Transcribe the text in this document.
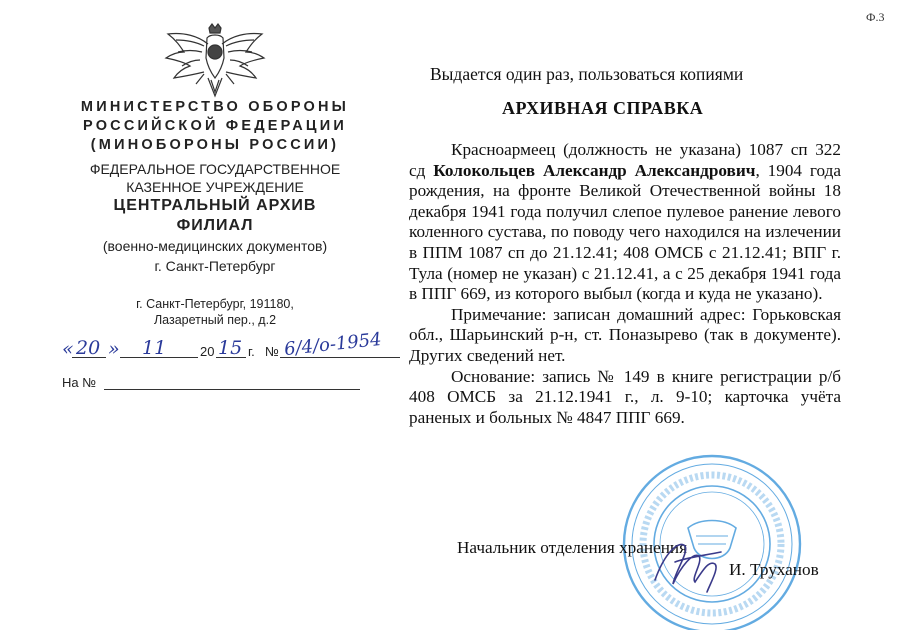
Ф.3
МИНИСТЕРСТВО ОБОРОНЫ
РОССИЙСКОЙ ФЕДЕРАЦИИ
(МИНОБОРОНЫ РОССИИ)
ФЕДЕРАЛЬНОЕ ГОСУДАРСТВЕННОЕ
КАЗЕННОЕ УЧРЕЖДЕНИЕ
ЦЕНТРАЛЬНЫЙ АРХИВ
ФИЛИАЛ
(военно-медицинских документов)
г. Санкт-Петербург
г. Санкт-Петербург, 191180,
Лазаретный пер., д.2
« 20 » 11	20 15 г. № 6/4/о-1954
На №
Выдается один раз, пользоваться копиями
АРХИВНАЯ СПРАВКА

Красноармеец (должность не указана) 1087 сп 322 сд Колокольцев Александр Александрович, 1904 года рождения, на фронте Великой Отечественной войны 18 декабря 1941 года получил слепое пулевое ранение левого коленного сустава, по поводу чего находился на излечении в ППМ 1087 сп до 21.12.41; 408 ОМСБ с 21.12.41; ВПГ г. Тула (номер не указан) с 21.12.41, а с 25 декабря 1941 года в ППГ 669, из которого выбыл (когда и куда не указано).

Примечание: записан домашний адрес: Горьковская обл., Шарьинский р-н, ст. Поназырево (так в документе). Других сведений нет.

Основание: запись № 149 в книге регистрации р/б 408 ОМСБ за 21.12.1941 г., л. 9-10; карточка учёта раненых и больных № 4847 ППГ 669.

Начальник отделения хранения
И. Труханов
